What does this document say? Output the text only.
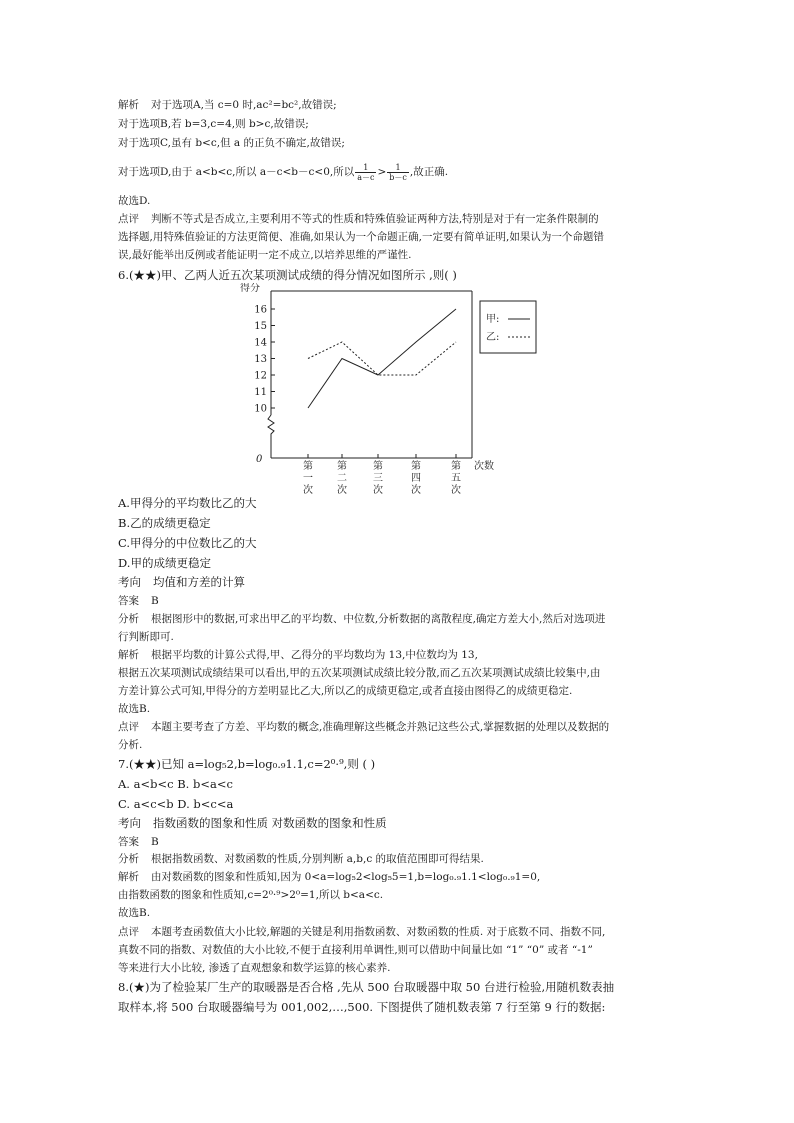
解析 对于选项A,当 c=0 时,ac²=bc²,故错误;
对于选项B,若 b=3,c=4,则 b>c,故错误;
对于选项C,虽有 b<c,但 a 的正负不确定,故错误;
对于选项D,由于 a<b<c,所以 a－c<b－c<0,所以 $\frac{1}{a-c} > \frac{1}{b-c}$ ,故正确.
故选D.
点评 判断不等式是否成立,主要利用不等式的性质和特殊值验证两种方法,特别是对于有一定条件限制的
选择题,用特殊值验证的方法更简便、准确,如果认为一个命题正确,一定要有简单证明,如果认为一个命题错
误,最好能举出反例或者能证明一定不成立,以培养思维的严谨性.
6.(★★)甲、乙两人近五次某项测试成绩的得分情况如图所示 ,则( )
得分
0
10
11
12
13
14
15
16
第
一
次
第
二
次
第
三
次
第
四
次
第
五
次
次数
甲:
乙:
A.甲得分的平均数比乙的大
B.乙的成绩更稳定
C.甲得分的中位数比乙的大
D.甲的成绩更稳定
考向 均值和方差的计算
答案 B
分析 根据图形中的数据,可求出甲乙的平均数、中位数,分析数据的离散程度,确定方差大小,然后对选项进
行判断即可.
解析 根据平均数的计算公式得,甲、乙得分的平均数均为 13,中位数均为 13,
根据五次某项测试成绩结果可以看出,甲的五次某项测试成绩比较分散,而乙五次某项测试成绩比较集中,由
方差计算公式可知,甲得分的方差明显比乙大,所以乙的成绩更稳定,或者直接由图得乙的成绩更稳定.
故选B.
点评 本题主要考查了方差、平均数的概念,准确理解这些概念并熟记这些公式,掌握数据的处理以及数据的
分析.
7.(★★)已知 a=log₅2,b=log₀.₉1.1,c=2⁰·⁹,则 ( )
A. a<b<c B. b<a<c
C. a<c<b D. b<c<a
考向 指数函数的图象和性质 对数函数的图象和性质
答案 B
分析 根据指数函数、对数函数的性质,分别判断 a,b,c 的取值范围即可得结果.
解析 由对数函数的图象和性质知,因为 0<a=log₅2<log₅5=1,b=log₀.₉1.1<log₀.₉1=0,
由指数函数的图象和性质知,c=2⁰·⁹>2⁰=1,所以 b<a<c.
故选B.
点评 本题考查函数值大小比较,解题的关键是利用指数函数、对数函数的性质. 对于底数不同、指数不同,
真数不同的指数、对数值的大小比较,不便于直接利用单调性,则可以借助中间量比如 “1” “0” 或者 “-1”
等来进行大小比较, 渗透了直观想象和数学运算的核心素养.
8.(★)为了检验某厂生产的取暖器是否合格 ,先从 500 台取暖器中取 50 台进行检验,用随机数表抽
取样本,将 500 台取暖器编号为 001,002,…,500. 下图提供了随机数表第 7 行至第 9 行的数据:
